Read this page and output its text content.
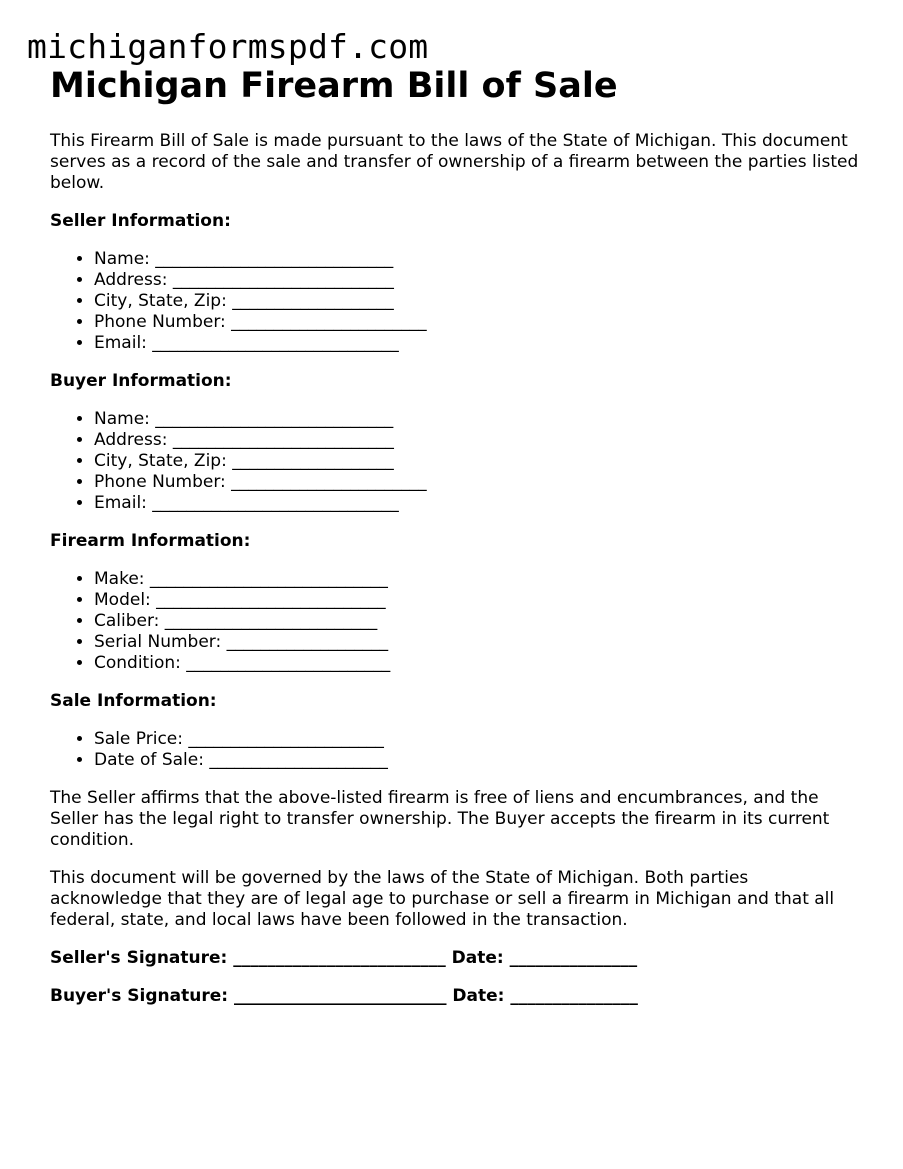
michiganformspdf.com
Michigan Firearm Bill of Sale

This Firearm Bill of Sale is made pursuant to the laws of the State of Michigan. This document serves as a record of the sale and transfer of ownership of a firearm between the parties listed below.

Seller Information:
• Name: ____________________________
• Address: __________________________
• City, State, Zip: ___________________
• Phone Number: _______________________
• Email: _____________________________
Buyer Information:
• Name: ____________________________
• Address: __________________________
• City, State, Zip: ___________________
• Phone Number: _______________________
• Email: _____________________________
Firearm Information:
• Make: ____________________________
• Model: ___________________________
• Caliber: _________________________
• Serial Number: ___________________
• Condition: ________________________
Sale Information:
• Sale Price: _______________________
• Date of Sale: _____________________

The Seller affirms that the above-listed firearm is free of liens and encumbrances, and the Seller has the legal right to transfer ownership. The Buyer accepts the firearm in its current condition.

This document will be governed by the laws of the State of Michigan. Both parties acknowledge that they are of legal age to purchase or sell a firearm in Michigan and that all federal, state, and local laws have been followed in the transaction.

Seller's Signature: _________________________ Date: _______________
Buyer's Signature: _________________________ Date: _______________
